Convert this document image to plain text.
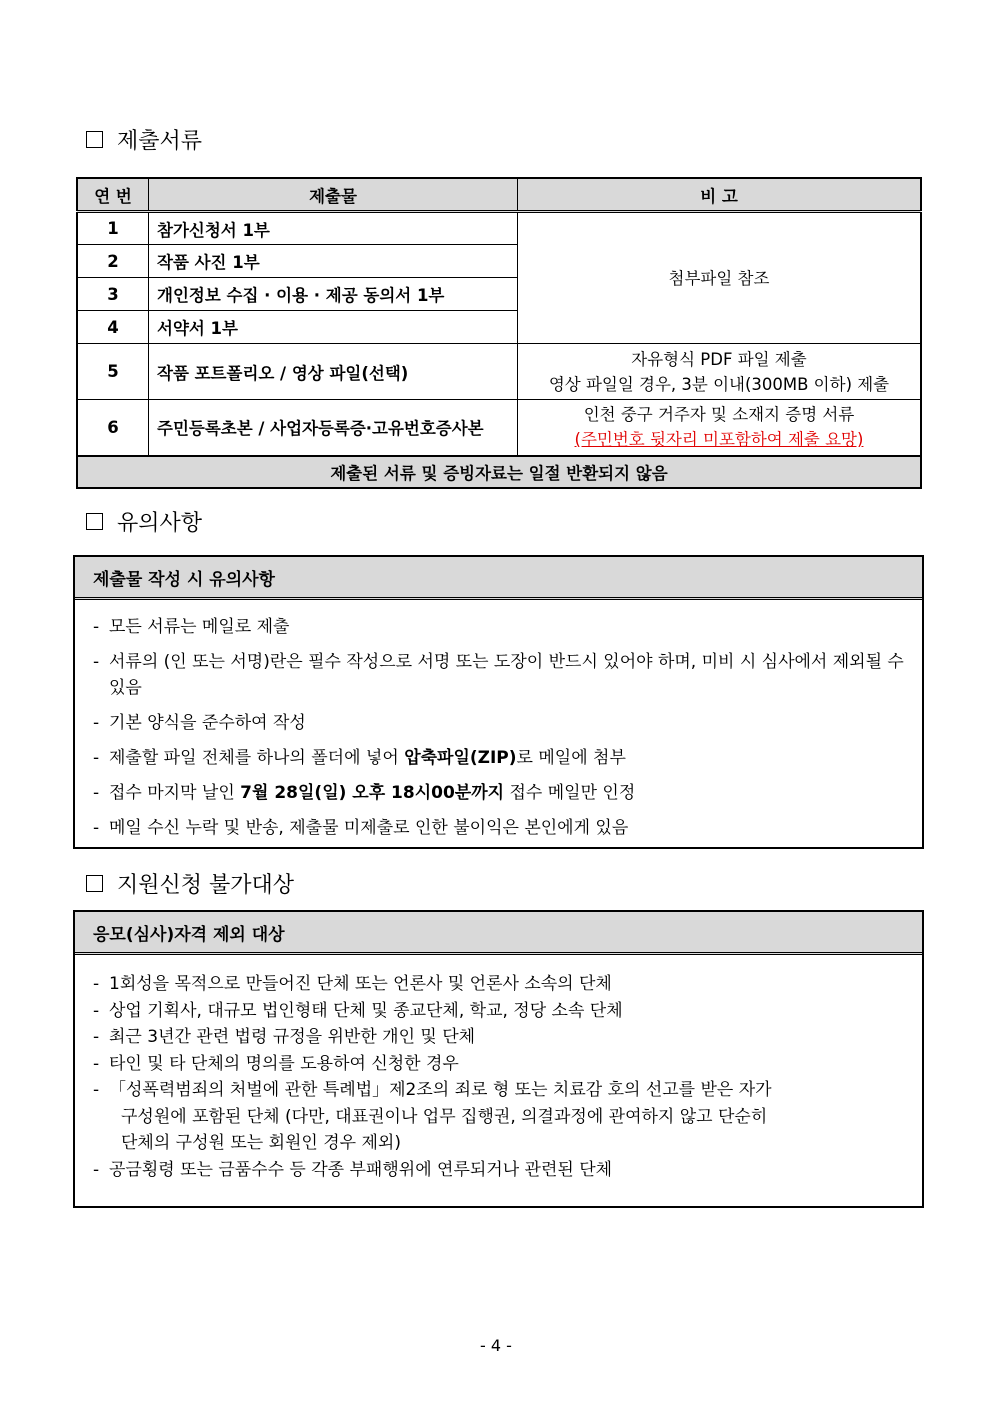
제출서류
연 번	제출물	비 고
1	참가신청서 1부	첨부파일 참조
2	작품 사진 1부	
3	개인정보 수집 · 이용 · 제공 동의서 1부	
4	서약서 1부	
5	작품 포트폴리오 / 영상 파일(선택)	자유형식 PDF 파일 제출
영상 파일일 경우, 3분 이내(300MB 이하) 제출

6	주민등록초본 / 사업자등록증·고유번호증사본	인천 중구 거주자 및 소재지 증명 서류
(주민번호 뒷자리 미포함하여 제출 요망)

제출된 서류 및 증빙자료는 일절 반환되지 않음		
유의사항
제출물 작성 시 유의사항
- 모든 서류는 메일로 제출
- 서류의 (인 또는 서명)란은 필수 작성으로 서명 또는 도장이 반드시 있어야 하며, 미비 시 심사에서 제외될 수 있음
- 기본 양식을 준수하여 작성
- 제출할 파일 전체를 하나의 폴더에 넣어 압축파일(ZIP)로 메일에 첨부
- 접수 마지막 날인 7월 28일(일) 오후 18시00분까지 접수 메일만 인정
- 메일 수신 누락 및 반송, 제출물 미제출로 인한 불이익은 본인에게 있음
지원신청 불가대상
응모(심사)자격 제외 대상
- 1회성을 목적으로 만들어진 단체 또는 언론사 및 언론사 소속의 단체
- 상업 기획사, 대규모 법인형태 단체 및 종교단체, 학교, 정당 소속 단체
- 최근 3년간 관련 법령 규정을 위반한 개인 및 단체
- 타인 및 타 단체의 명의를 도용하여 신청한 경우
- 「성폭력범죄의 처벌에 관한 특례법」제2조의 죄로 형 또는 치료감 호의 선고를 받은 자가
구성원에 포함된 단체 (다만, 대표권이나 업무 집행권, 의결과정에 관여하지 않고 단순히
단체의 구성원 또는 회원인 경우 제외)
- 공금횡령 또는 금품수수 등 각종 부패행위에 연루되거나 관련된 단체
- 4 -
